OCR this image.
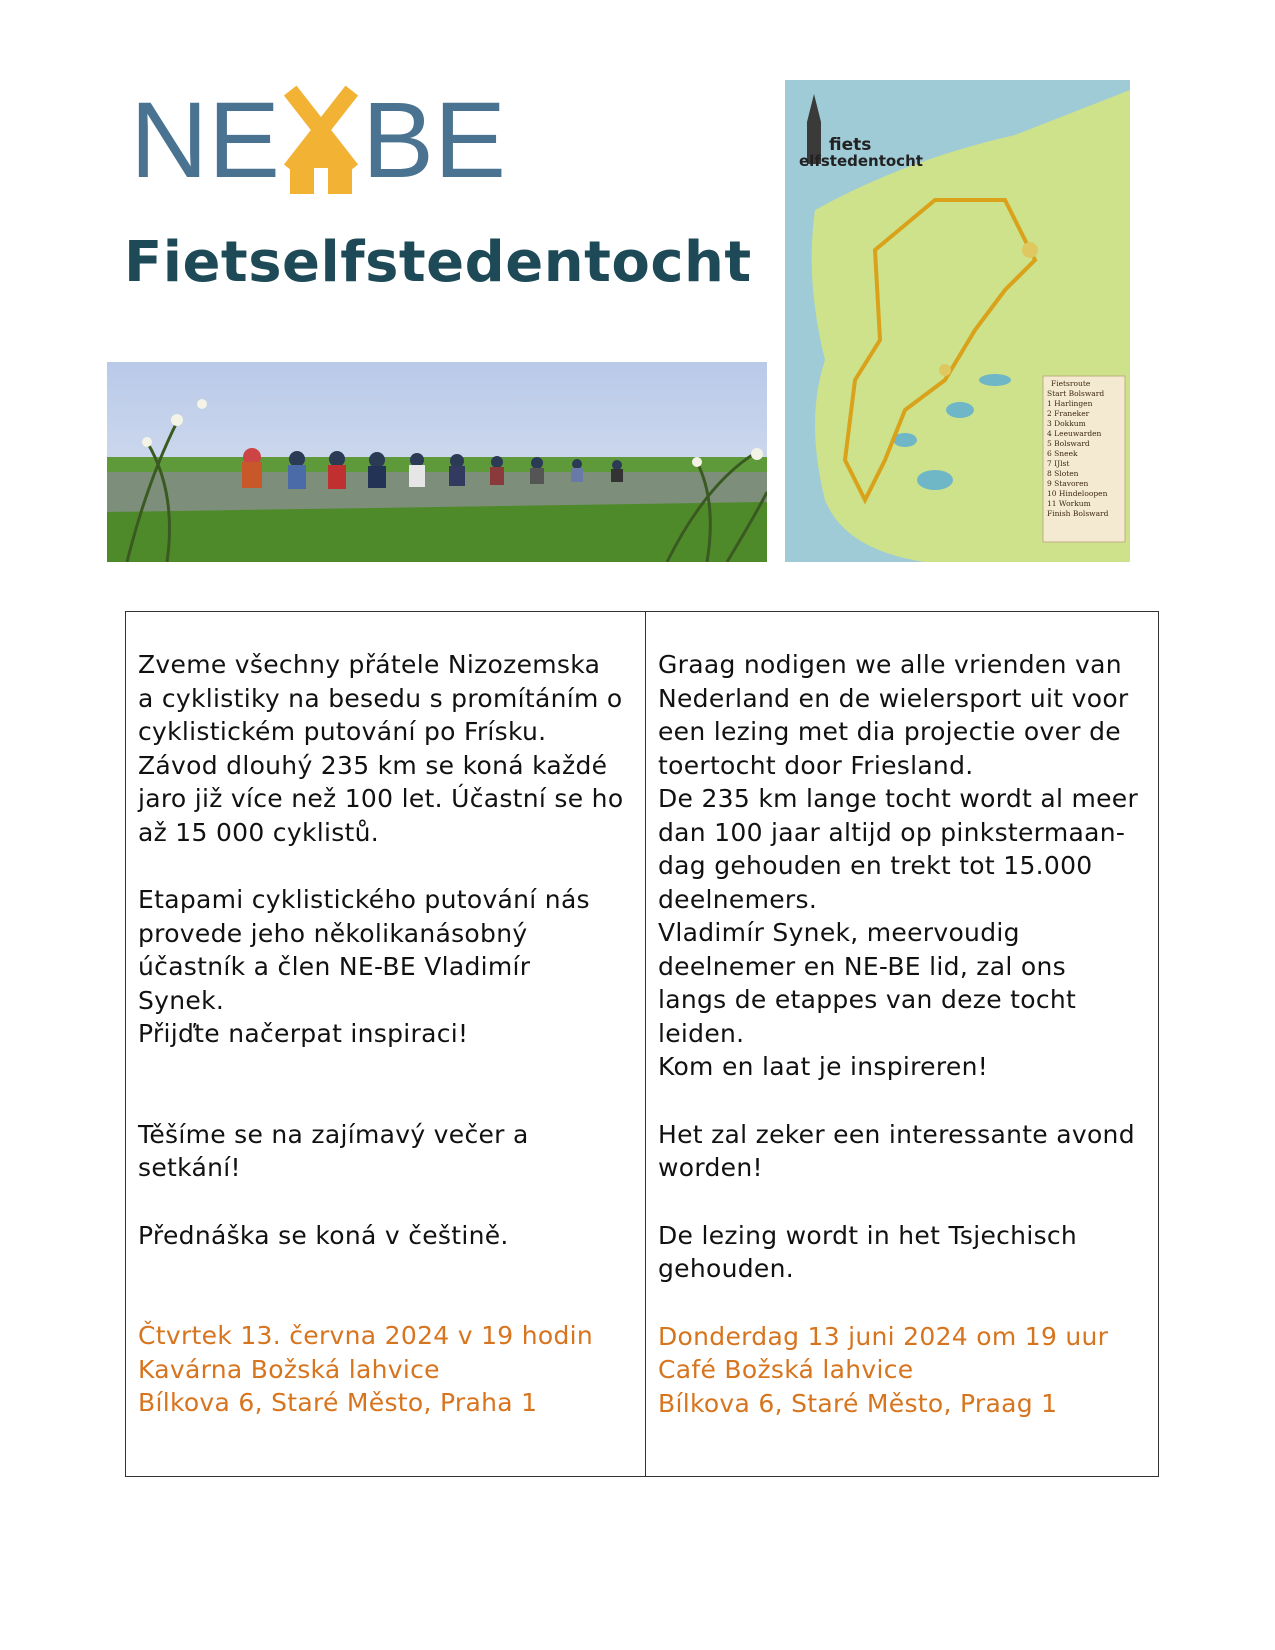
NE BE
Fietselfstedentocht
Fietsroute
Start Bolsward
1 Harlingen
2 Franeker
3 Dokkum
4 Leeuwarden
5 Bolsward
6 Sneek
7 IJlst
8 Sloten
9 Stavoren
10 Hindeloopen
11 Workum
Finish Bolsward
fiets
elfstedentocht

Zveme všechny přátele Nizozemska
a cyklistiky na besedu s promítáním o
cyklistickém putování po Frísku.
Závod dlouhý 235 km se koná každé
jaro již více než 100 let. Účastní se ho
až 15 000 cyklistů.

Etapami cyklistického putování nás
provede jeho několikanásobný
účastník a člen NE-BE Vladimír
Synek.
Přijďte načerpat inspiraci!

Těšíme se na zajímavý večer a
setkání!

Přednáška se koná v češtině.

Čtvrtek 13. června 2024 v 19 hodin
Kavárna Božská lahvice
Bílkova 6, Staré Město, Praha 1

Graag nodigen we alle vrienden van
Nederland en de wielersport uit voor
een lezing met dia projectie over de
toertocht door Friesland.
De 235 km lange tocht wordt al meer
dan 100 jaar altijd op pinkstermaan-
dag gehouden en trekt tot 15.000
deelnemers.
Vladimír Synek, meervoudig
deelnemer en NE-BE lid, zal ons
langs de etappes van deze tocht
leiden.
Kom en laat je inspireren!

Het zal zeker een interessante avond
worden!

De lezing wordt in het Tsjechisch
gehouden.

Donderdag 13 juni 2024 om 19 uur
Café Božská lahvice
Bílkova 6, Staré Město, Praag 1
